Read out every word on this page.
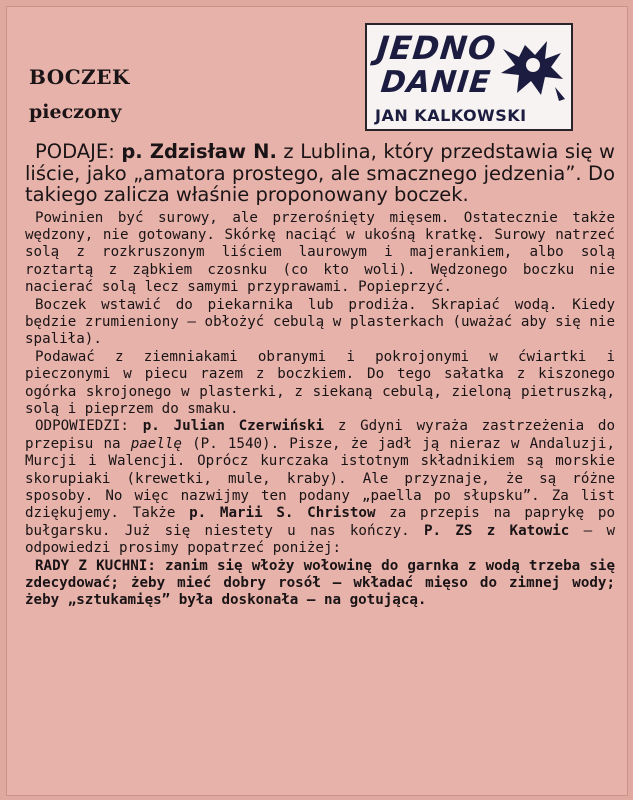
BOCZEK
pieczony
JEDNO
DANIE
JAN KALKOWSKI

PODAJE: p. Zdzisław N. z Lublina, który przedstawia się w liście, jako „amatora prostego, ale smacznego jedzenia”. Do takiego zalicza właśnie proponowany boczek.

Powinien być surowy, ale przerośnięty mięsem. Ostatecznie także wędzony, nie gotowany. Skórkę naciąć w ukośną kratkę. Surowy natrzeć solą z rozkruszonym liściem laurowym i majerankiem, albo solą roztartą z ząbkiem czosnku (co kto woli). Wędzonego boczku nie nacierać solą lecz samymi przyprawami. Popieprzyć.

Boczek wstawić do piekarnika lub prodiża. Skrapiać wodą. Kiedy będzie zrumieniony — obłożyć cebulą w plasterkach (uważać aby się nie spaliła).

Podawać z ziemniakami obranymi i pokrojonymi w ćwiartki i pieczonymi w piecu razem z boczkiem. Do tego sałatka z kiszonego ogórka skrojonego w plasterki, z siekaną cebulą, zieloną pietruszką, solą i pieprzem do smaku.

ODPOWIEDZI: p. Julian Czerwiński z Gdyni wyraża zastrzeżenia do przepisu na paellę (P. 1540). Pisze, że jadł ją nieraz w Andaluzji, Murcji i Walencji. Oprócz kurczaka istotnym składnikiem są morskie skorupiaki (krewetki, mule, kraby). Ale przyznaje, że są różne sposoby. No więc nazwijmy ten podany „paella po słupsku”. Za list dziękujemy. Także p. Marii S. Christow za przepis na paprykę po bułgarsku. Już się niestety u nas kończy. P. ZS z Katowic — w odpowiedzi prosimy popatrzeć poniżej:

RADY Z KUCHNI: zanim się włoży wołowinę do garnka z wodą trzeba się zdecydować; żeby mieć dobry rosół — wkładać mięso do zimnej wody; żeby „sztukamięs” była doskonała — na gotującą.
